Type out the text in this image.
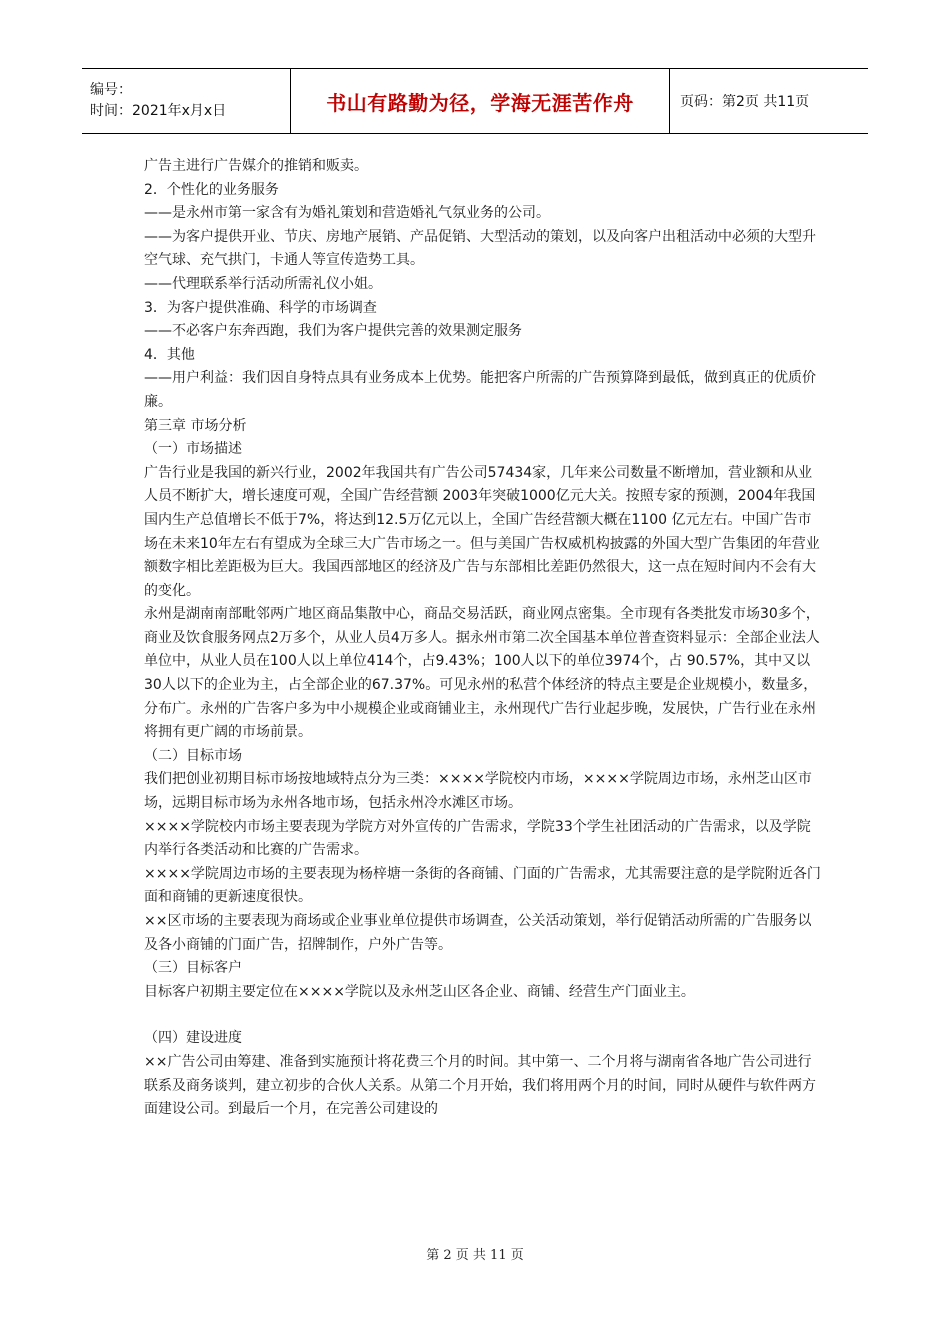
编号：
时间：2021年x月x日	书山有路勤为径，学海无涯苦作舟	页码：第2页 共11页

广告主进行广告媒介的推销和贩卖。

2．个性化的业务服务

——是永州市第一家含有为婚礼策划和营造婚礼气氛业务的公司。

——为客户提供开业、节庆、房地产展销、产品促销、大型活动的策划，以及向客户出租活动中必须的大型升空气球、充气拱门，卡通人等宣传造势工具。

——代理联系举行活动所需礼仪小姐。

3．为客户提供准确、科学的市场调查

——不必客户东奔西跑，我们为客户提供完善的效果测定服务

4．其他

——用户利益：我们因自身特点具有业务成本上优势。能把客户所需的广告预算降到最低，做到真正的优质价廉。

第三章 市场分析

（一）市场描述

广告行业是我国的新兴行业，2002年我国共有广告公司57434家，几年来公司数量不断增加，营业额和从业人员不断扩大，增长速度可观，全国广告经营额 2003年突破1000亿元大关。按照专家的预测，2004年我国国内生产总值增长不低于7%，将达到12.5万亿元以上，全国广告经营额大概在1100 亿元左右。中国广告市场在未来10年左右有望成为全球三大广告市场之一。但与美国广告权威机构披露的外国大型广告集团的年营业额数字相比差距极为巨大。我国西部地区的经济及广告与东部相比差距仍然很大，这一点在短时间内不会有大的变化。

永州是湖南南部毗邻两广地区商品集散中心，商品交易活跃，商业网点密集。全市现有各类批发市场30多个，商业及饮食服务网点2万多个，从业人员4万多人。据永州市第二次全国基本单位普查资料显示：全部企业法人单位中，从业人员在100人以上单位414个，占9.43%；100人以下的单位3974个，占 90.57%，其中又以30人以下的企业为主，占全部企业的67.37%。可见永州的私营个体经济的特点主要是企业规模小，数量多，分布广。永州的广告客户多为中小规模企业或商铺业主，永州现代广告行业起步晚，发展快，广告行业在永州将拥有更广阔的市场前景。

（二）目标市场

我们把创业初期目标市场按地域特点分为三类：××××学院校内市场，××××学院周边市场，永州芝山区市场，远期目标市场为永州各地市场，包括永州冷水滩区市场。

××××学院校内市场主要表现为学院方对外宣传的广告需求，学院33个学生社团活动的广告需求，以及学院内举行各类活动和比赛的广告需求。

××××学院周边市场的主要表现为杨梓塘一条街的各商铺、门面的广告需求，尤其需要注意的是学院附近各门面和商铺的更新速度很快。

××区市场的主要表现为商场或企业事业单位提供市场调查，公关活动策划，举行促销活动所需的广告服务以及各小商铺的门面广告，招牌制作，户外广告等。

（三）目标客户

目标客户初期主要定位在××××学院以及永州芝山区各企业、商铺、经营生产门面业主。

（四）建设进度

××广告公司由筹建、准备到实施预计将花费三个月的时间。其中第一、二个月将与湖南省各地广告公司进行联系及商务谈判，建立初步的合伙人关系。从第二个月开始，我们将用两个月的时间，同时从硬件与软件两方面建设公司。到最后一个月，在完善公司建设的

第 2 页 共 11 页
